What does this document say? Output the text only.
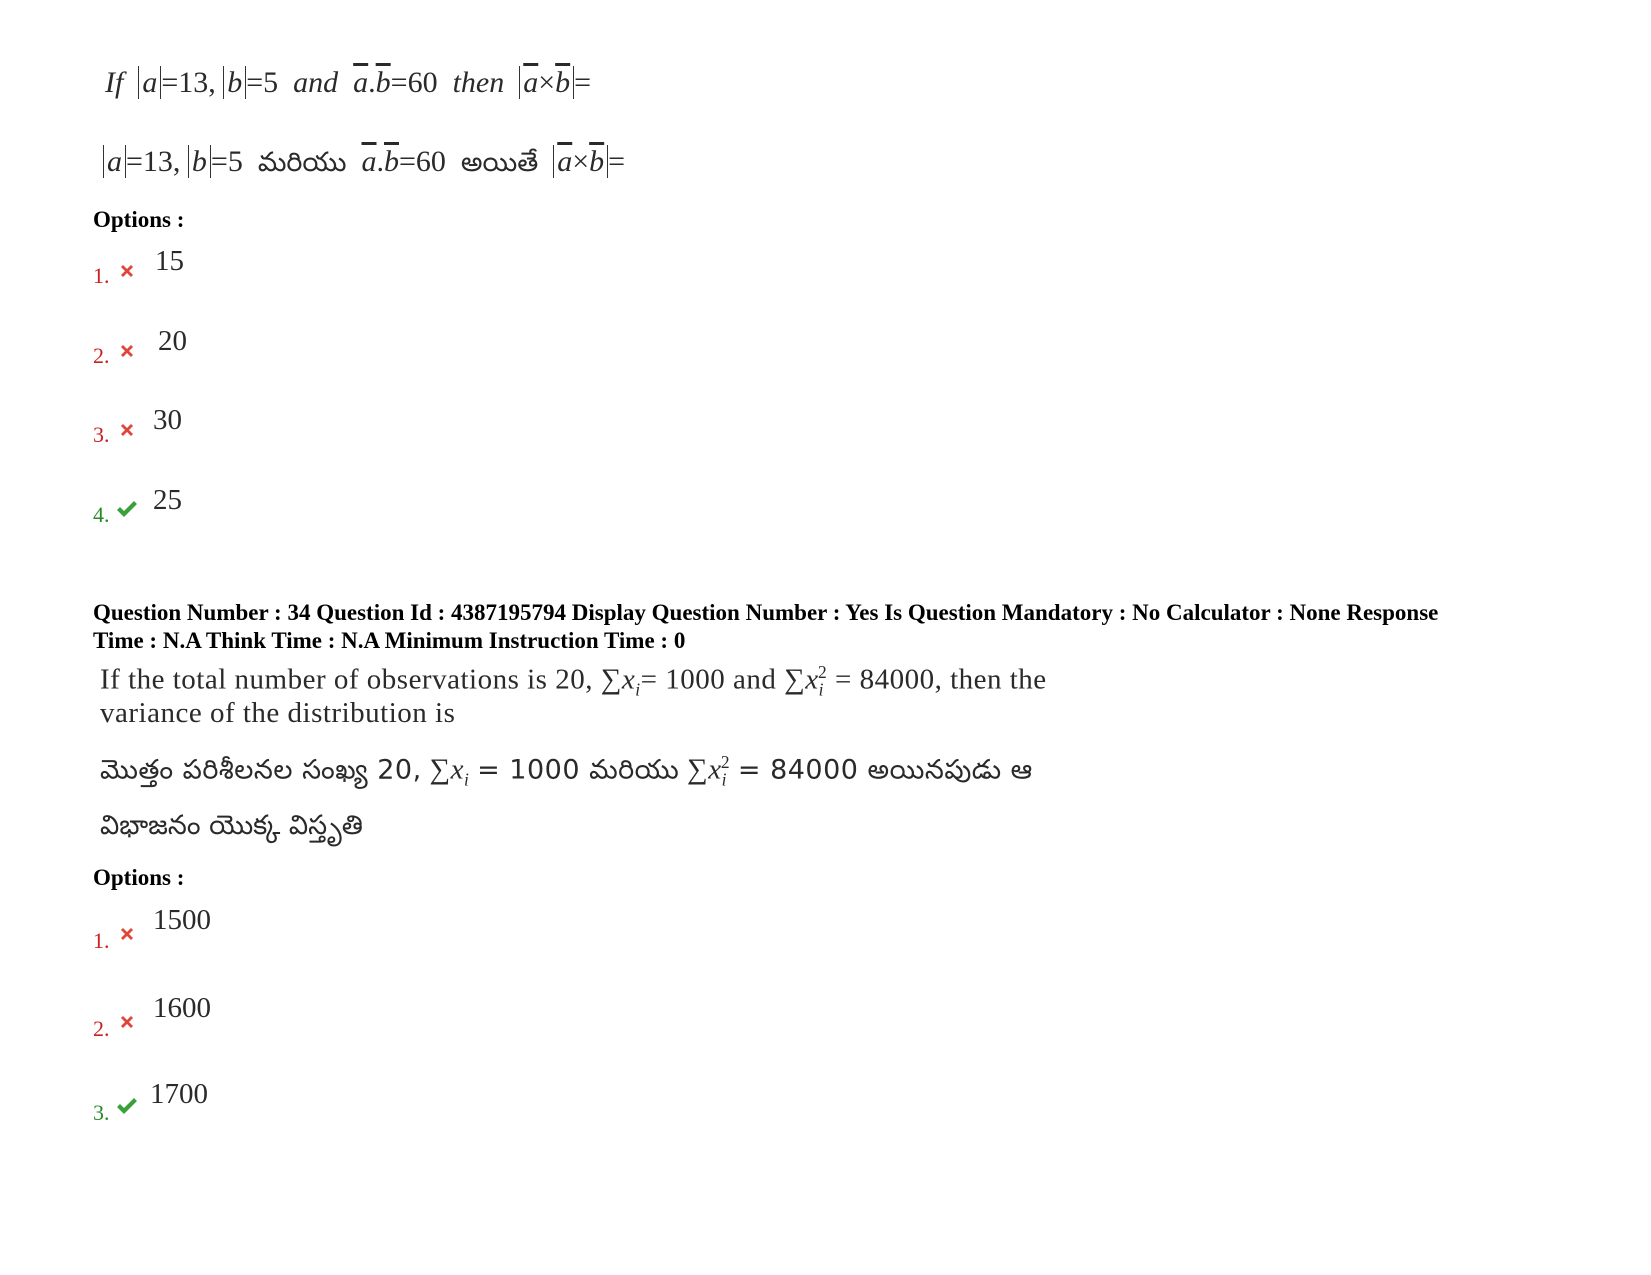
If a =13, b =5 and $\overline{a}.\overline{b}=60$ then $\overline{a}\times\overline{b}$ =
a =13, b =5 మరియు $\overline{a}.\overline{b}=60$ అయితే $\overline{a}\times\overline{b}$ =
Options :
1. 15
2. 20
3. 30
4. 25
Question Number : 34 Question Id : 4387195794 Display Question Number : Yes Is Question Mandatory : No Calculator : None Response
Time : N.A Think Time : N.A Minimum Instruction Time : 0
If the total number of observations is 20, $\sum x_i= 1000$ and $\sum x_i^2 = 84000$, then the
variance of the distribution is
మొత్తం పరిశీలనల సంఖ్య 20, $\sum x_i = 1000$ మరియు $\sum x_i^2 = 84000$ అయినపుడు ఆ
విభాజనం యొక్క విస్తృతి
Options :
1.
1500
2.
1600
3.
1700
